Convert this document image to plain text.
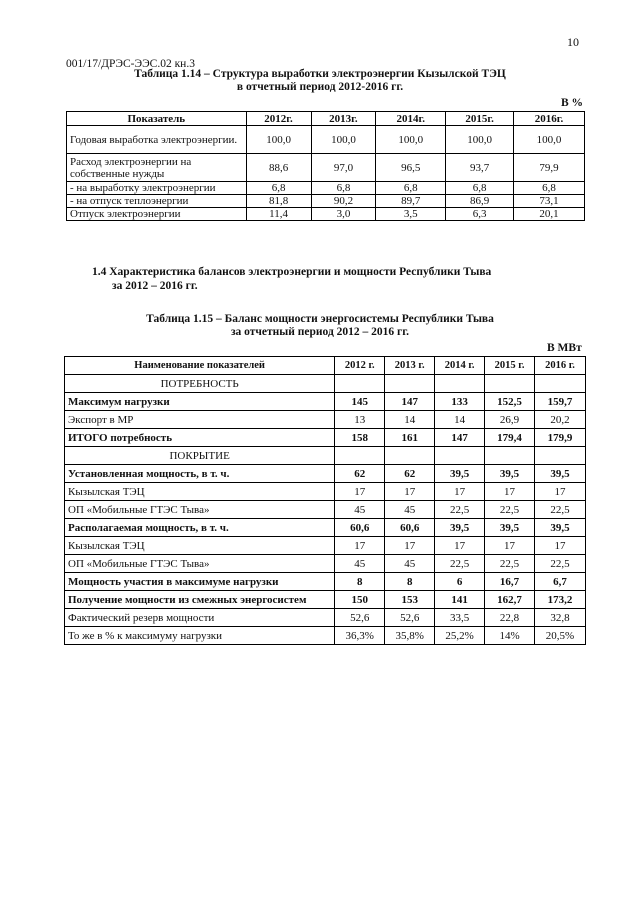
10
001/17/ДРЭС-ЭЭС.02 кн.3
Таблица 1.14 – Структура выработки электроэнергии Кызылской ТЭЦ
в отчетный период 2012-2016 гг.
В %
Показатель	2012г.	2013г.	2014г.	2015г.	2016г.
Годовая выработка электроэнергии.	100,0	100,0	100,0	100,0	100,0
Расход электроэнергии на собственные нужды	88,6	97,0	96,5	93,7	79,9
- на выработку электроэнергии	6,8	6,8	6,8	6,8	6,8
- на отпуск теплоэнергии	81,8	90,2	89,7	86,9	73,1
Отпуск электроэнергии	11,4	3,0	3,5	6,3	20,1
1.4 Характеристика балансов электроэнергии и мощности Республики Тыва
за 2012 – 2016 гг.
Таблица 1.15 – Баланс мощности энергосистемы Республики Тыва
за отчетный период 2012 – 2016 гг.
В МВт
Наименование показателей	2012 г.	2013 г.	2014 г.	2015 г.	2016 г.
ПОТРЕБНОСТЬ					
Максимум нагрузки	145	147	133	152,5	159,7
Экспорт в МР	13	14	14	26,9	20,2
ИТОГО потребность	158	161	147	179,4	179,9
ПОКРЫТИЕ					
Установленная мощность, в т. ч.	62	62	39,5	39,5	39,5
Кызылская ТЭЦ	17	17	17	17	17
ОП «Мобильные ГТЭС Тыва»	45	45	22,5	22,5	22,5
Располагаемая мощность, в т. ч.	60,6	60,6	39,5	39,5	39,5
Кызылская ТЭЦ	17	17	17	17	17
ОП «Мобильные ГТЭС Тыва»	45	45	22,5	22,5	22,5
Мощность участия в максимуме нагрузки	8	8	6	16,7	6,7
Получение мощности из смежных энергосистем	150	153	141	162,7	173,2
Фактический резерв мощности	52,6	52,6	33,5	22,8	32,8
То же в % к максимуму нагрузки	36,3%	35,8%	25,2%	14%	20,5%
